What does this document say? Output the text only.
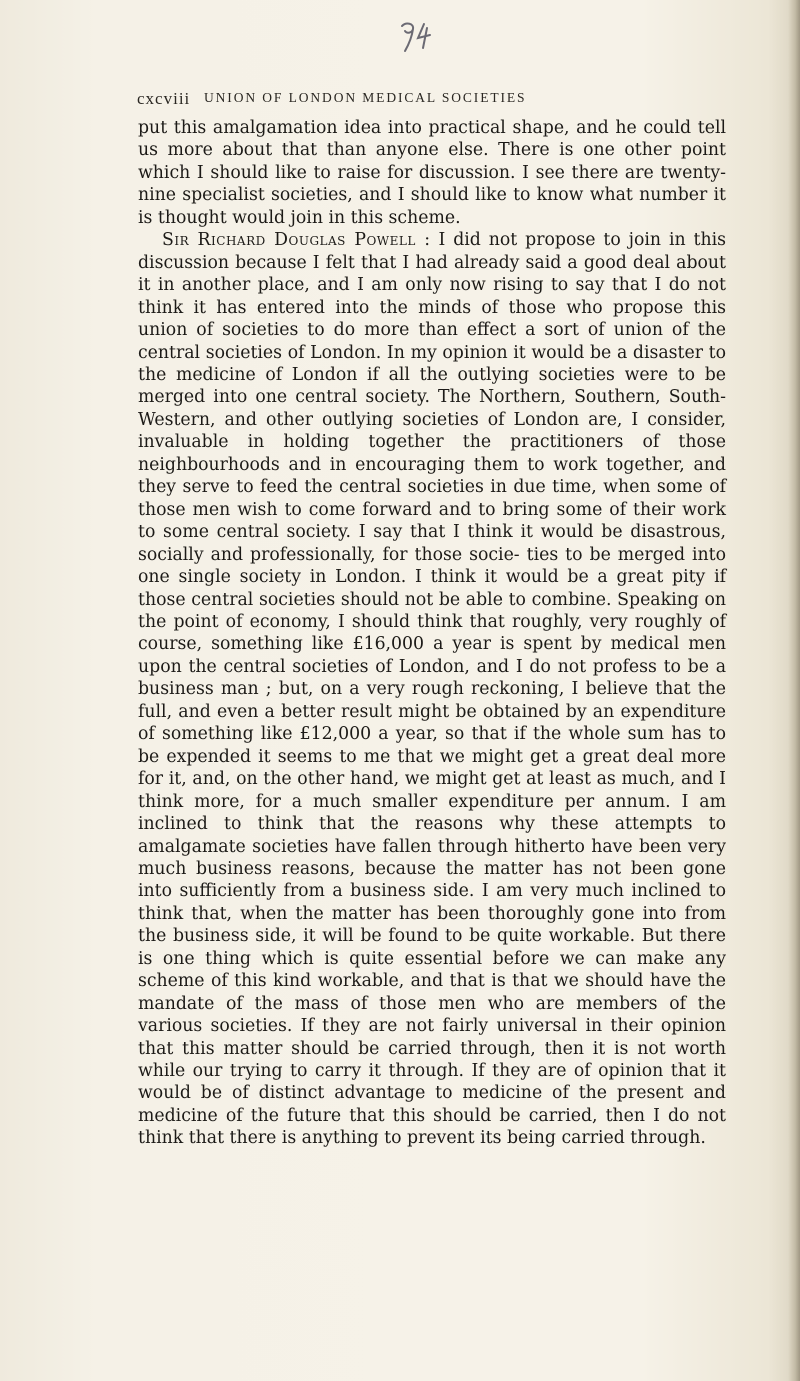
cxcviii UNION OF LONDON MEDICAL SOCIETIES

put this amalgamation idea into practical shape, and he could tell us more about that than anyone else. There is one other point which I should like to raise for discussion. I see there are twenty-nine specialist societies, and I should like to know what number it is thought would join in this scheme.

Sir Richard Douglas Powell : I did not propose to join in this discussion because I felt that I had already said a good deal about it in another place, and I am only now rising to say that I do not think it has entered into the minds of those who propose this union of societies to do more than effect a sort of union of the central societies of London. In my opinion it would be a disaster to the medicine of London if all the outlying societies were to be merged into one central society. The Northern, Southern, South-Western, and other outlying societies of London are, I consider, invaluable in holding together the practitioners of those neighbourhoods and in encouraging them to work together, and they serve to feed the central societies in due time, when some of those men wish to come forward and to bring some of their work to some central society. I say that I think it would be disastrous, socially and professionally, for those socie- ties to be merged into one single society in London. I think it would be a great pity if those central societies should not be able to combine. Speaking on the point of economy, I should think that roughly, very roughly of course, something like £16,000 a year is spent by medical men upon the central societies of London, and I do not profess to be a business man ; but, on a very rough reckoning, I believe that the full, and even a better result might be obtained by an expenditure of something like £12,000 a year, so that if the whole sum has to be expended it seems to me that we might get a great deal more for it, and, on the other hand, we might get at least as much, and I think more, for a much smaller expenditure per annum. I am inclined to think that the reasons why these attempts to amalgamate societies have fallen through hitherto have been very much business reasons, because the matter has not been gone into sufficiently from a business side. I am very much inclined to think that, when the matter has been thoroughly gone into from the business side, it will be found to be quite workable. But there is one thing which is quite essential before we can make any scheme of this kind workable, and that is that we should have the mandate of the mass of those men who are members of the various societies. If they are not fairly universal in their opinion that this matter should be carried through, then it is not worth while our trying to carry it through. If they are of opinion that it would be of distinct advantage to medicine of the present and medicine of the future that this should be carried, then I do not think that there is anything to prevent its being carried through.
